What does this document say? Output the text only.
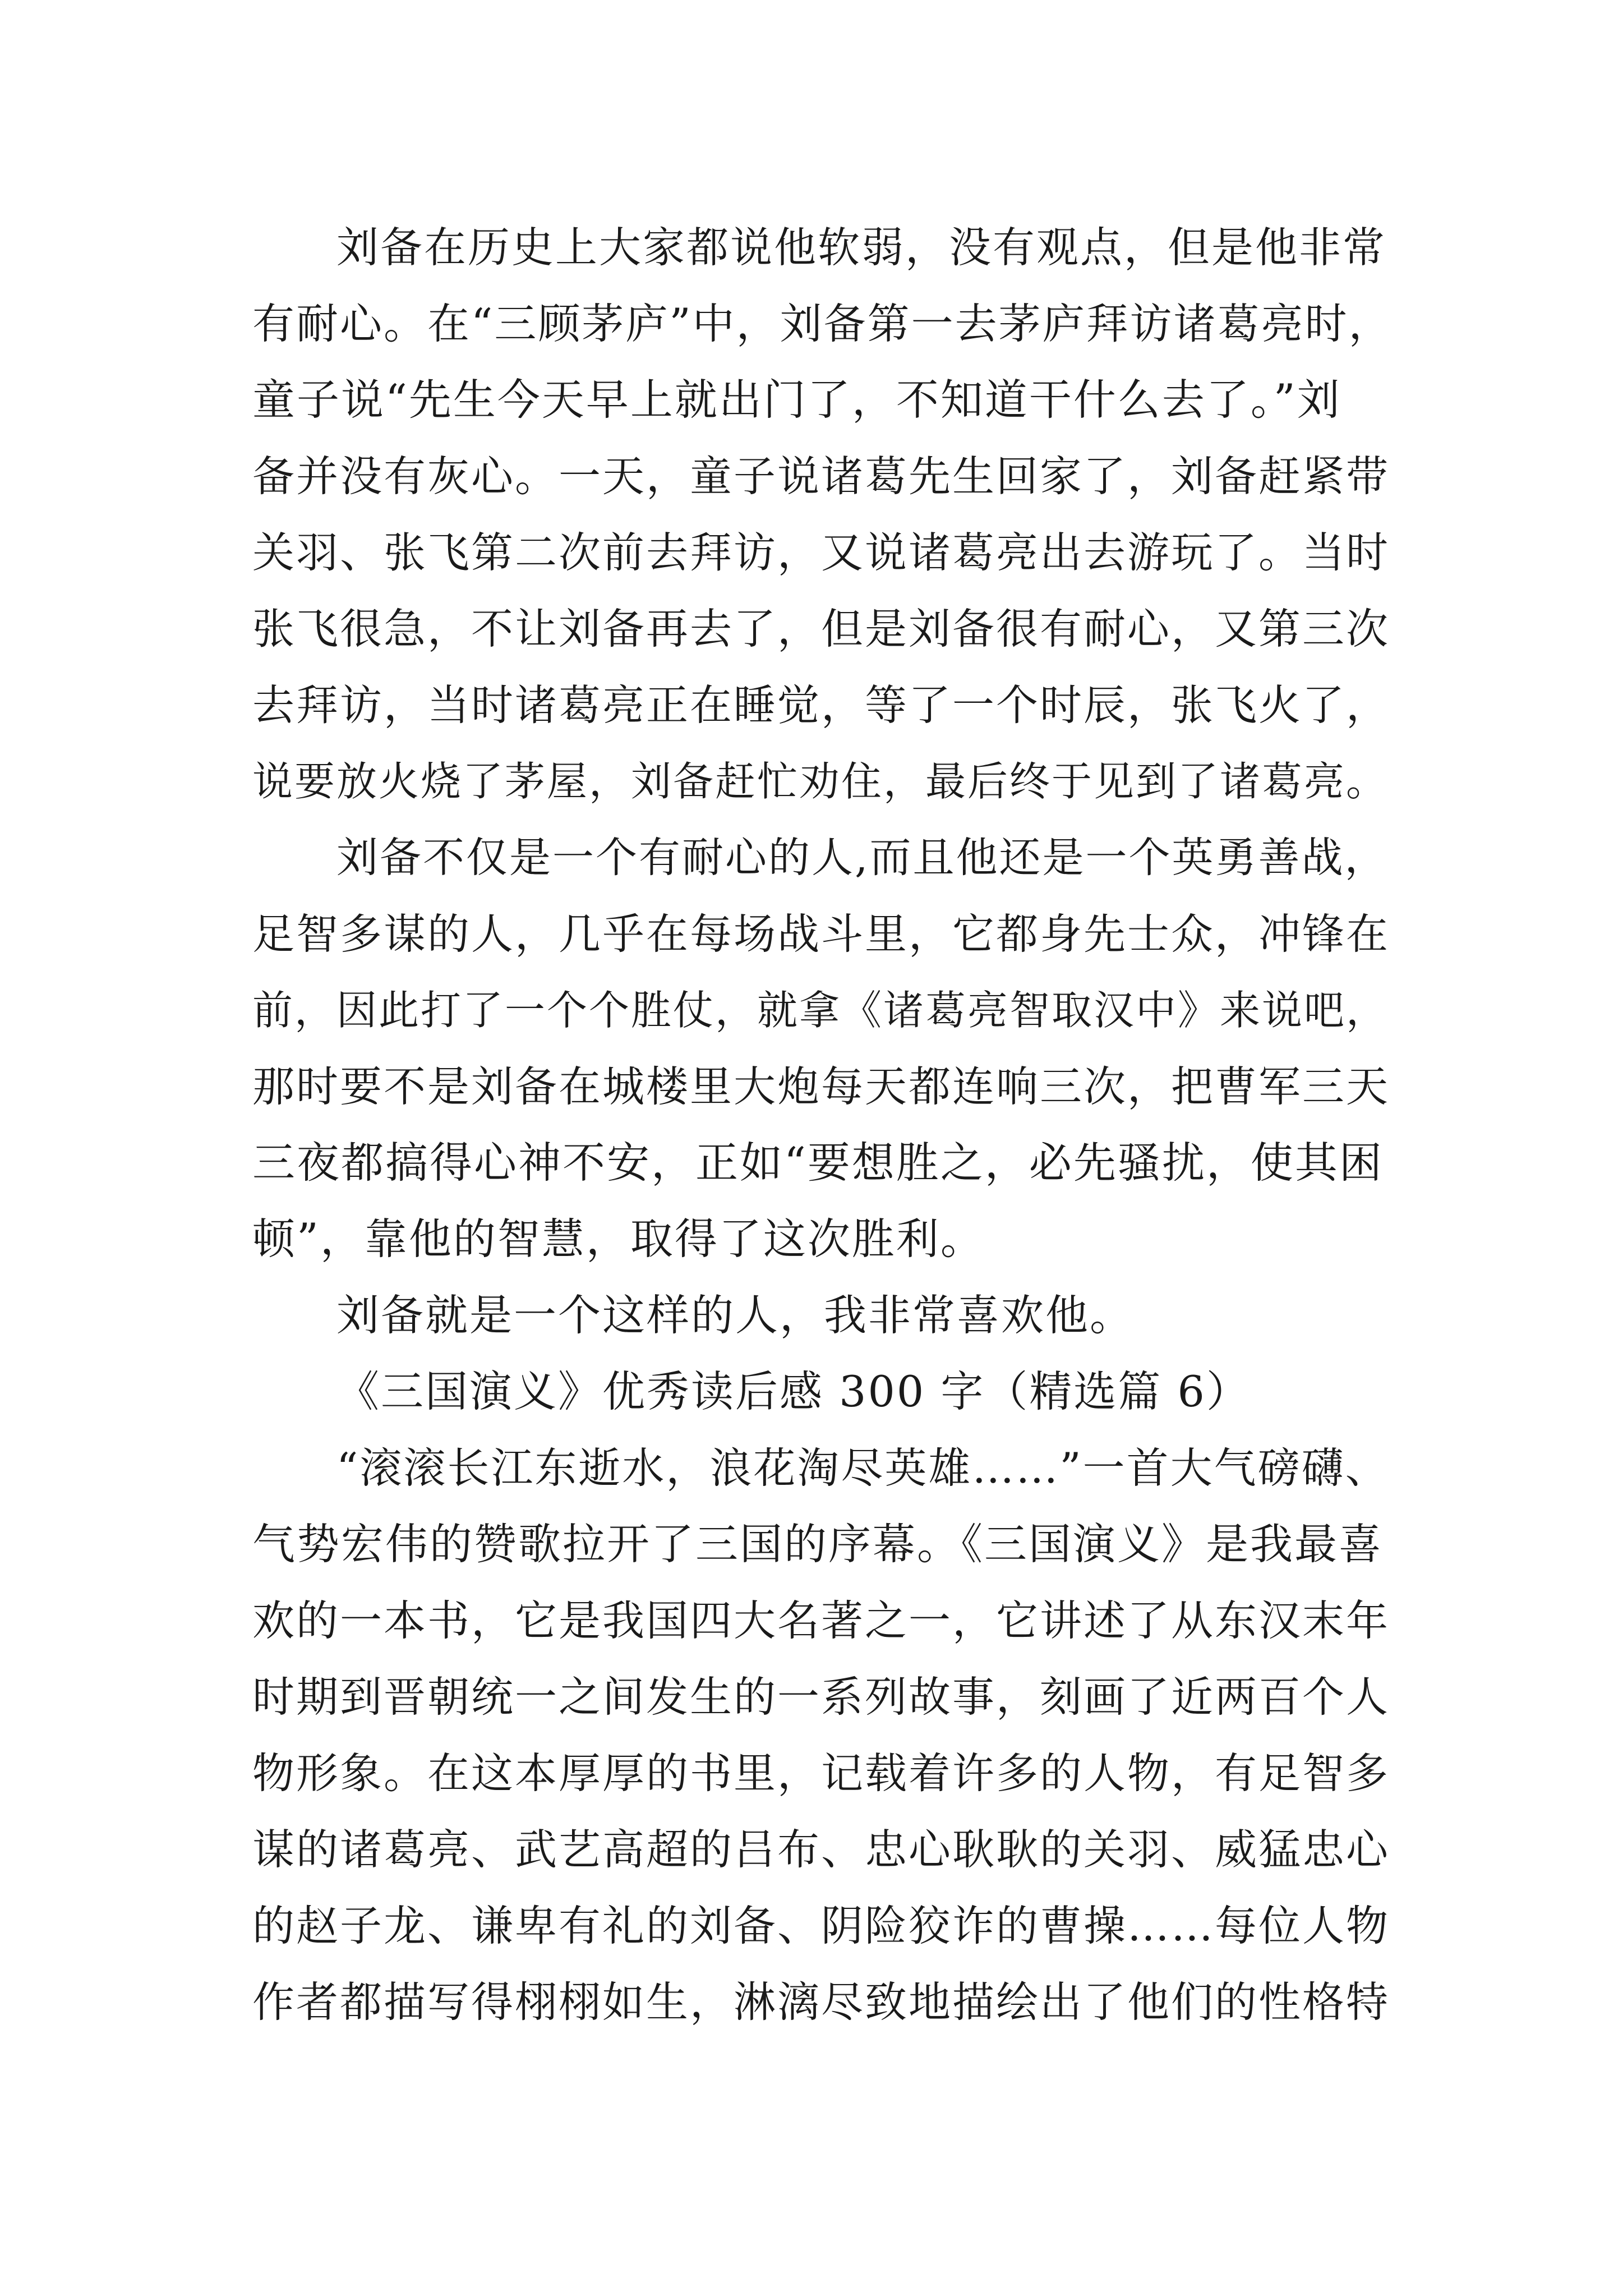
刘备在历史上大家都说他软弱，没有观点，但是他非常

有耐心。在“三顾茅庐”中，刘备第一去茅庐拜访诸葛亮时，

童子说“先生今天早上就出门了，不知道干什么去了。”刘

备并没有灰心。一天，童子说诸葛先生回家了，刘备赶紧带

关羽、张飞第二次前去拜访，又说诸葛亮出去游玩了。当时

张飞很急，不让刘备再去了，但是刘备很有耐心，又第三次

去拜访，当时诸葛亮正在睡觉，等了一个时辰，张飞火了，

说要放火烧了茅屋，刘备赶忙劝住，最后终于见到了诸葛亮。

刘备不仅是一个有耐心的人,而且他还是一个英勇善战，

足智多谋的人，几乎在每场战斗里，它都身先士众，冲锋在

前，因此打了一个个胜仗，就拿《诸葛亮智取汉中》来说吧，

那时要不是刘备在城楼里大炮每天都连响三次，把曹军三天

三夜都搞得心神不安，正如“要想胜之，必先骚扰，使其困

顿”，靠他的智慧，取得了这次胜利。

刘备就是一个这样的人，我非常喜欢他。

《三国演义》优秀读后感 300 字（精选篇 6）

“滚滚长江东逝水，浪花淘尽英雄……”一首大气磅礴、

气势宏伟的赞歌拉开了三国的序幕。《三国演义》是我最喜

欢的一本书，它是我国四大名著之一，它讲述了从东汉末年

时期到晋朝统一之间发生的一系列故事，刻画了近两百个人

物形象。在这本厚厚的书里，记载着许多的人物，有足智多

谋的诸葛亮、武艺高超的吕布、忠心耿耿的关羽、威猛忠心

的赵子龙、谦卑有礼的刘备、阴险狡诈的曹操……每位人物

作者都描写得栩栩如生，淋漓尽致地描绘出了他们的性格特
